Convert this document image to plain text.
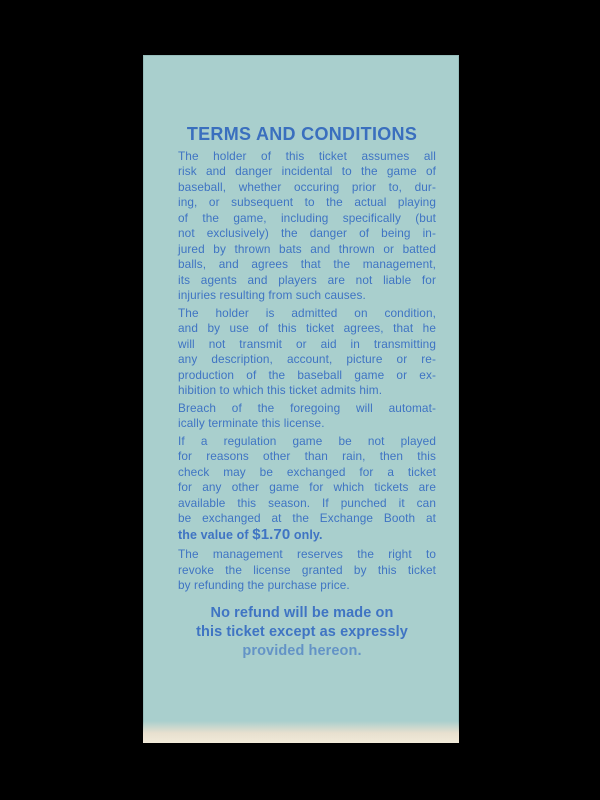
TERMS AND CONDITIONS
The holder of this ticket assumes all
risk and danger incidental to the game of
baseball, whether occuring prior to, dur-
ing, or subsequent to the actual playing
of the game, including specifically (but
not exclusively) the danger of being in-
jured by thrown bats and thrown or batted
balls, and agrees that the management,
its agents and players are not liable for
injuries resulting from such causes.
The holder is admitted on condition,
and by use of this ticket agrees, that he
will not transmit or aid in transmitting
any description, account, picture or re-
production of the baseball game or ex-
hibition to which this ticket admits him.
Breach of the foregoing will automat-
ically terminate this license.
If a regulation game be not played
for reasons other than rain, then this
check may be exchanged for a ticket
for any other game for which tickets are
available this season. If punched it can
be exchanged at the Exchange Booth at
the value of $1.70 only.
The management reserves the right to
revoke the license granted by this ticket
by refunding the purchase price.
No refund will be made on
this ticket except as expressly
provided hereon.
